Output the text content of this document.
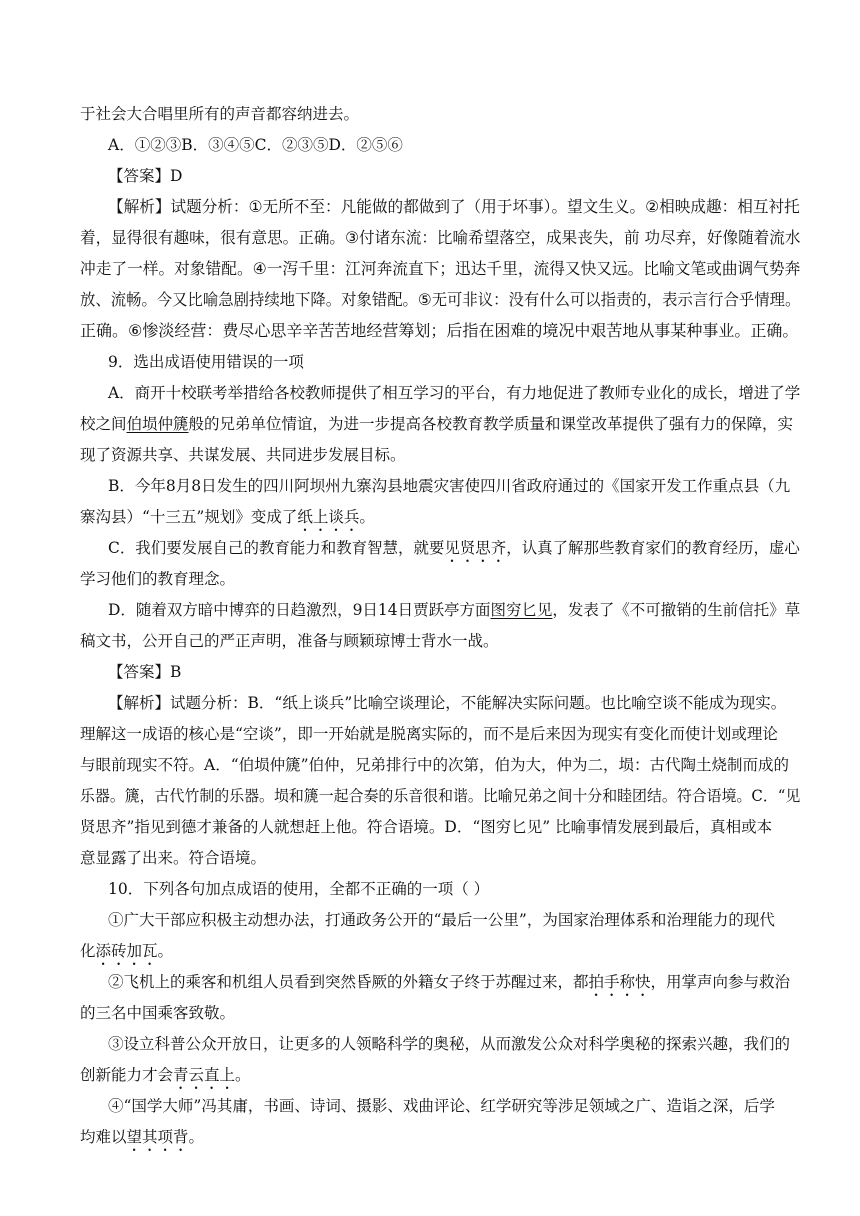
于社会大合唱里所有的声音都容纳进去。
A．①②③B．③④⑤C．②③⑤D．②⑤⑥
【答案】D
【解析】试题分析：①无所不至：凡能做的都做到了（用于坏事）。望文生义。②相映成趣：相互衬托
着，显得很有趣味，很有意思。正确。③付诸东流：比喻希望落空，成果丧失，前 功尽弃，好像随着流水
冲走了一样。对象错配。④一泻千里：江河奔流直下；迅达千里，流得又快又远。比喻文笔或曲调气势奔
放、流畅。今又比喻急剧持续地下降。对象错配。⑤无可非议：没有什么可以指责的，表示言行合乎情理。
正确。⑥惨淡经营：费尽心思辛辛苦苦地经营筹划；后指在困难的境况中艰苦地从事某种事业。正确。
9．选出成语使用错误的一项
A．商开十校联考举措给各校教师提供了相互学习的平台，有力地促进了教师专业化的成长，增进了学
校之间伯埙仲篪般的兄弟单位情谊，为进一步提高各校教育教学质量和课堂改革提供了强有力的保障，实
现了资源共享、共谋发展、共同进步发展目标。
B．今年8月8日发生的四川阿坝州九寨沟县地震灾害使四川省政府通过的《国家开发工作重点县（九
寨沟县）“十三五”规划》变成了纸上谈兵。
C．我们要发展自己的教育能力和教育智慧，就要见贤思齐，认真了解那些教育家们的教育经历，虚心
学习他们的教育理念。
D．随着双方暗中博弈的日趋激烈，9日14日贾跃亭方面图穷匕见，发表了《不可撤销的生前信托》草
稿文书，公开自己的严正声明，准备与顾颖琼博士背水一战。
【答案】B
【解析】试题分析：B．“纸上谈兵”比喻空谈理论，不能解决实际问题。也比喻空谈不能成为现实。
理解这一成语的核心是“空谈”，即一开始就是脱离实际的，而不是后来因为现实有变化而使计划或理论
与眼前现实不符。A．“伯埙仲篪”伯仲，兄弟排行中的次第，伯为大，仲为二，埙：古代陶土烧制而成的
乐器。篪，古代竹制的乐器。埙和篪一起合奏的乐音很和谐。比喻兄弟之间十分和睦团结。符合语境。C．“见
贤思齐”指见到德才兼备的人就想赶上他。符合语境。D．“图穷匕见” 比喻事情发展到最后，真相或本
意显露了出来。符合语境。
10．下列各句加点成语的使用，全都不正确的一项（ ）
①广大干部应积极主动想办法，打通政务公开的“最后一公里”，为国家治理体系和治理能力的现代
化添砖加瓦。
②飞机上的乘客和机组人员看到突然昏厥的外籍女子终于苏醒过来，都拍手称快，用掌声向参与救治
的三名中国乘客致敬。
③设立科普公众开放日，让更多的人领略科学的奥秘，从而激发公众对科学奥秘的探索兴趣，我们的
创新能力才会青云直上。
④“国学大师”冯其庸，书画、诗词、摄影、戏曲评论、红学研究等涉足领域之广、造诣之深，后学
均难以望其项背。
